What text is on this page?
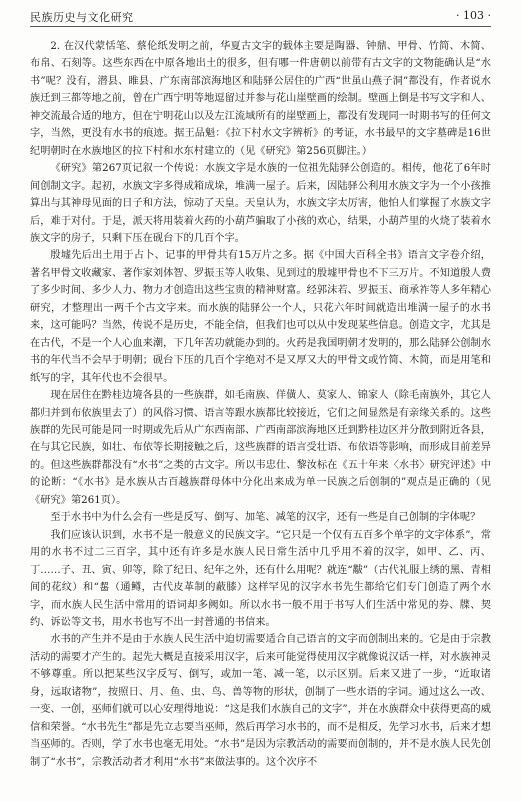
民族历史与文化研究	· 103 ·

2. 在汉代蒙恬笔、蔡伦纸发明之前，华夏古文字的载体主要是陶器、钟鼎、甲骨、竹简、木简、布帛、石刻等。这些东西在中原各地出土的很多，但有哪一件唐朝以前带有古文字的文物能确认是“水书”呢？没有，潜县、睢县、广东南部滨海地区和陆驿公居住的广西“世虽山燕子洞”都没有，作者说水族迁到三都等地之前，曾在广西宁明等地逗留过并参与花山崖壁画的绘制。壁画上倒是书写文字和人、神交流最合适的地方，但在宁明花山以及左江流域所有的崖壁画上，都没有发现同一时期书写的任何文字，当然，更没有水书的痕迹。据王品魁：《拉下村水文字辨析》的考证，水书最早的文字墓碑是16世纪明朝时在水族地区的拉下村和水东村建立的（见《研究》第256页脚注。）

《研究》第267页记叙一个传说：水族文字是水族的一位祖先陆驿公创造的。相传，他花了6年时间创制文字。起初，水族文字多得成箱成垛，堆满一屋子。后来，因陆驿公利用水族文字为一个小孩推算出与其神母见面的日子和方法，惊动了天皇。天皇认为，水族文字太厉害，他怕人们掌握了水族文字后，难于对付。于是，派天将用装着火药的小葫芦骗取了小孩的欢心，结果，小葫芦里的火烧了装着水族文字的房子，只剩下压在砚台下的几百个字。

殷墟先后出土用于占卜、记事的甲骨共有15万片之多。据《中国大百科全书》语言文字卷介绍，著名甲骨文收藏家、著作家刘体智、罗振玉等人收集、见到过的殷墟甲骨也不下三万片。不知道殷人费了多少时间、多少人力、物力才创造出这些宝贵的精神财富。经郭沫若、罗振玉、商承祚等人多年精心研究，才整理出一两千个古文字来。而水族的陆驿公一个人，只花六年时间就造出堆满一屋子的水书来，这可能吗？当然，传说不是历史，不能全信，但我们也可以从中发现某些信息。创造文字，尤其是在古代，不是一个人心血来潮，下几年苦功就能办到的。火药是我国明朝才发明的，那么陆驿公创制水书的年代当不会早于明朝；砚台下压的几百个字绝对不是又厚又大的甲骨文或竹简、木简，而是用笔和纸写的字，其年代也不会很早。

现在居住在黔桂边境各县的一些族群，如毛南族、佯僙人、莫家人、锦家人（除毛南族外，其它人都归并到布依族里去了）的风俗习惯、语言等跟水族都比较接近，它们之间显然是有亲缘关系的。这些族群的先民可能是同一时期或先后从广东西南部、广西南部滨海地区迁到黔桂边区并分散到附近各县，在与其它民族，如壮、布依等长期接触之后，这些族群的语言受壮语、布依语等影响，而形成目前差异的。但这些族群都没有“水书”之类的古文字。所以韦忠仕、黎汝标在《五十年来〈水书〉研究评述》中的论断：“《水书》是水族从古百越族群母体中分化出来成为单一民族之后创制的”观点是正确的（见《研究》第261页）。

至于水书中为什么会有一些是反写、倒写、加笔、减笔的汉字，还有一些是自己创制的字体呢？

我们应该认识到，水书不是一般意义的民族文字。“它只是一个仅有五百多个单字的文字体系”，常用的水书不过二三百字，其中还有许多是水族人民日常生活中几乎用不着的汉字，如甲、乙、丙、丁……子、丑、寅、卯等，除了纪日、纪年之外，还有什么用呢？就连“黻”（古代礼服上绣的黑、青相间的花纹）和“𫜩（通鳟，古代皮革制的蔽膝）这样罕见的汉字水书先生都给它们专门创造了两个水字，而水族人民生活中常用的语词却多阙如。所以水书一般不用于书写人们生活中常见的券、牒、契约、诉讼等文书，用水书也写不出一封普通的书信来。

水书的产生并不是由于水族人民生活中迫切需要适合自己语言的文字而创制出来的。它是由于宗教活动的需要才产生的。起先大概是直接采用汉字，后来可能觉得使用汉字就像说汉话一样，对水族神灵不够尊重。所以把某些汉字反写、倒写，或加一笔、减一笔，以示区别。后来又进了一步，“近取诸身，远取诸物”，按照日、月、鱼、虫、鸟、兽等物的形状，创制了一些水语的字词。通过这么一改、一变、一创，巫师们就可以心安理得地说：“这是我们水族自己的文字”，并在水族群众中获得更高的威信和荣誉。“水书先生”都是先立志要当巫师，然后再学习水书的，而不是相反，先学习水书，后来才想当巫师的。否则，学了水书也毫无用处。“水书”是因为宗教活动的需要而创制的，并不是水族人民先创制了“水书”，宗教活动者才利用“水书”来做法事的。这个次序不
